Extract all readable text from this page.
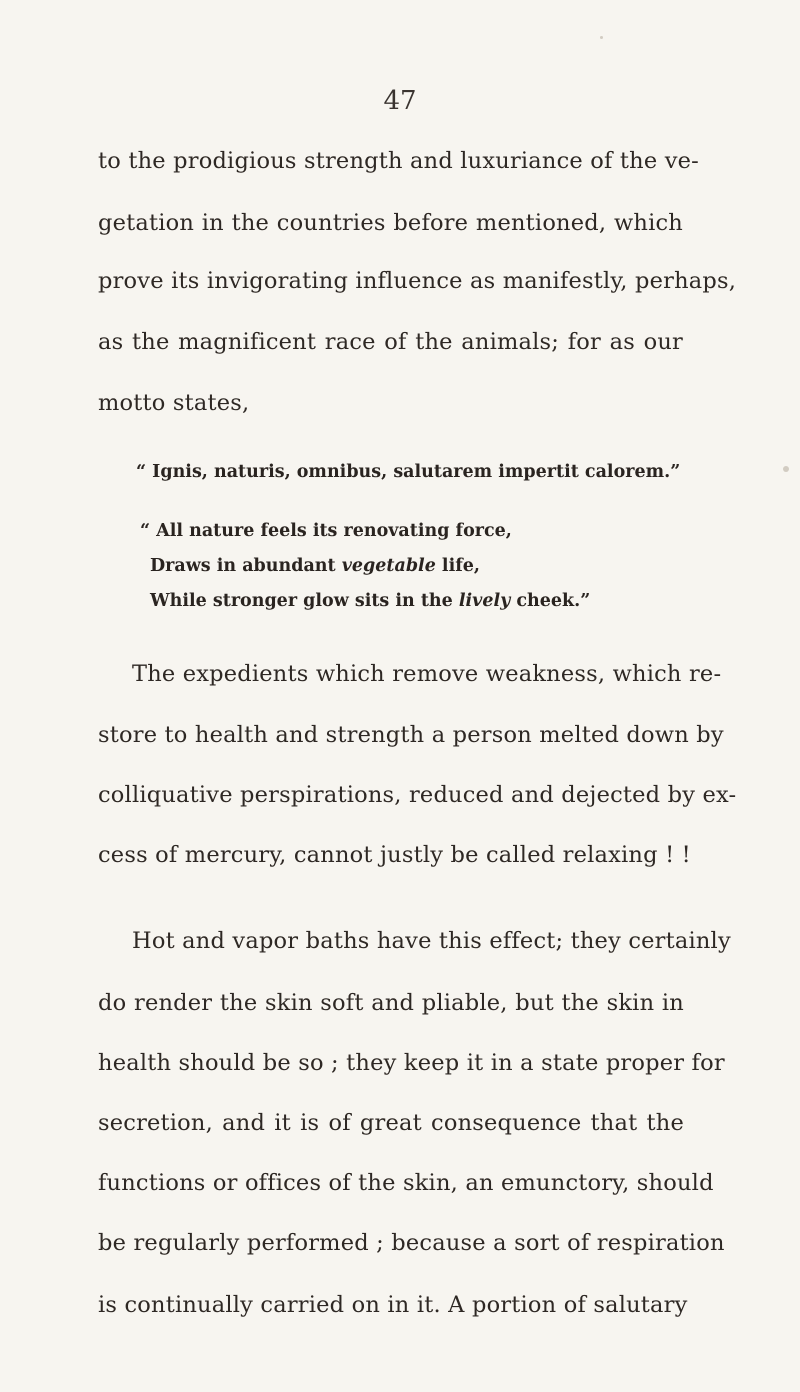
47
to the prodigious strength and luxuriance of the ve-
getation in the countries before mentioned, which
prove its invigorating influence as manifestly, perhaps,
as the magnificent race of the animals; for as our
motto states,
“ Ignis, naturis, omnibus, salutarem impertit calorem.”
“ All nature feels its renovating force,
Draws in abundant vegetable life,
While stronger glow sits in the lively cheek.”
The expedients which remove weakness, which re-
store to health and strength a person melted down by
colliquative perspirations, reduced and dejected by ex-
cess of mercury, cannot justly be called relaxing ! !
Hot and vapor baths have this effect; they certainly
do render the skin soft and pliable, but the skin in
health should be so ; they keep it in a state proper for
secretion, and it is of great consequence that the
functions or offices of the skin, an emunctory, should
be regularly performed ; because a sort of respiration
is continually carried on in it. A portion of salutary
